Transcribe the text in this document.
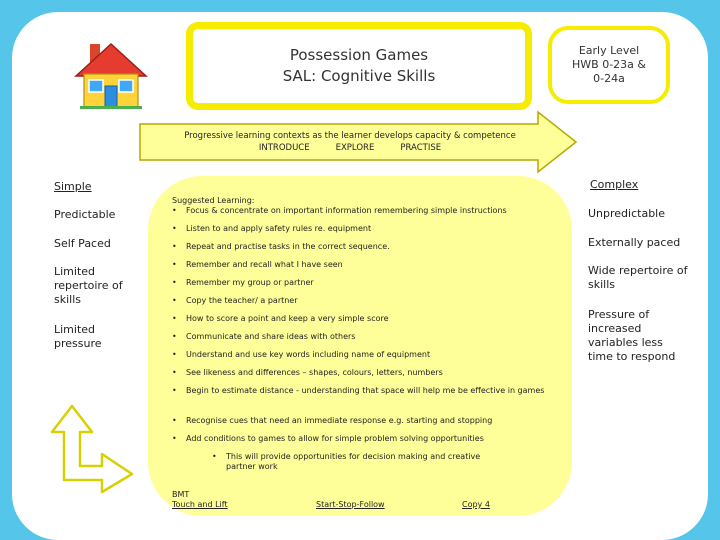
Possession Games
SAL: Cognitive Skills
Early Level
HWB 0-23a &
0-24a
Progressive learning contexts as the learner develops capacity & competence
INTRODUCE	EXPLORE	PRACTISE
Simple
Predictable
Self Paced
Limited repertoire of skills
Limited pressure
Complex
Unpredictable
Externally paced
Wide repertoire of skills
Pressure of increased variables less time to respond
Suggested Learning:
•	Focus & concentrate on important information remembering simple instructions
•	Listen to and apply safety rules re. equipment
•	Repeat and practise tasks in the correct sequence.
•	Remember and recall what I have seen
•	Remember my group or partner
•	Copy the teacher/ a partner
•	How to score a point and keep a very simple score
•	Communicate and share ideas with others
•	Understand and use key words including name of equipment
•	See likeness and differences – shapes, colours, letters, numbers
•	Begin to estimate distance - understanding that space will help me be effective in games
•	Recognise cues that need an immediate response e.g. starting and stopping
•	Add conditions to games to allow for simple problem solving opportunities
•	This will provide opportunities for decision making and creative partner work
BMT
Touch and Lift	Start-Stop-Follow	Copy 4
